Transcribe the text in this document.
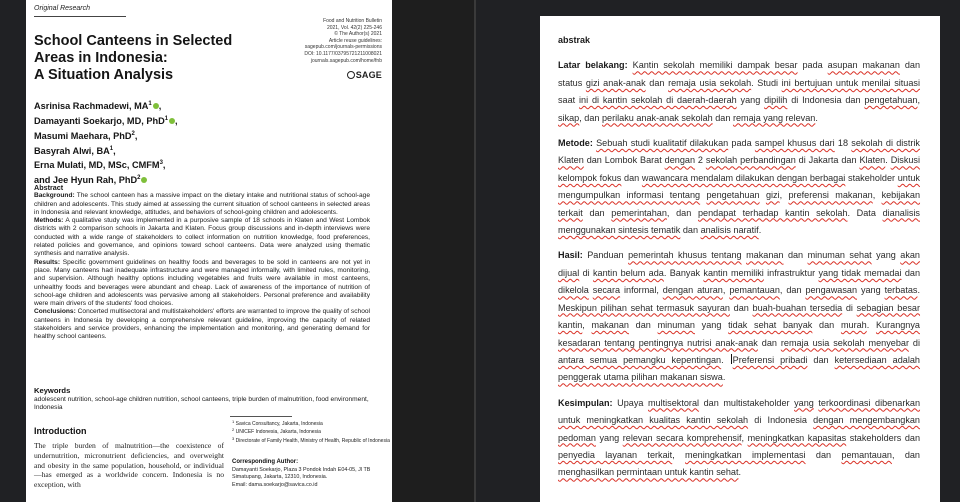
Original Research
Food and Nutrition Bulletin
2021, Vol. 42(2) 225-246
© The Author(s) 2021
Article reuse guidelines:
sagepub.com/journals-permissions
DOI: 10.1177/03795721211008021
journals.sagepub.com/home/fnb
SAGE
School Canteens in Selected
Areas in Indonesia:
A Situation Analysis
Asrinisa Rachmadewi, $MA^1$ ,
Damayanti Soekarjo, MD, PhD$^1$ ,
Masumi Maehara, PhD$^2$,
Basyrah Alwi, $BA^1$,
Erna Mulati, MD, MSc, CMFM$^3$,
and Jee Hyun Rah, PhD$^2$
Abstract

Background: The school canteen has a massive impact on the dietary intake and nutritional status of school-age children and adolescents. This study aimed at assessing the current situation of school canteens in selected areas in Indonesia and relevant knowledge, attitudes, and behaviors of school-going children and adolescents.

Methods: A qualitative study was implemented in a purposive sample of 18 schools in Klaten and West Lombok districts with 2 comparison schools in Jakarta and Klaten. Focus group discussions and in-depth interviews were conducted with a wide range of stakeholders to collect information on nutrition knowledge, food preferences, related policies and governance, and opinions toward school canteens. Data were analyzed using thematic synthesis and narrative analysis.

Results: Specific government guidelines on healthy foods and beverages to be sold in canteens are not yet in place. Many canteens had inadequate infrastructure and were managed informally, with limited rules, monitoring, and supervision. Although healthy options including vegetables and fruits were available in most canteens, unhealthy foods and beverages were abundant and cheap. Lack of awareness of the importance of nutrition of school-age children and adolescents was pervasive among all stakeholders. Personal preference and availability were main drivers of the students' food choices.

Conclusions: Concerted multisectoral and multistakeholders' efforts are warranted to improve the quality of school canteens in Indonesia by developing a comprehensive relevant guideline, improving the capacity of related stakeholders and service providers, enhancing the implementation and monitoring, and generating demand for healthy school canteens.

Keywords
adolescent nutrition, school-age children nutrition, school canteens, triple burden of malnutrition, food environment, Indonesia
Introduction
The triple burden of malnutrition—the coexistence of undernutrition, micronutrient deficiencies, and overweight and obesity in the same population, household, or individual—has emerged as a worldwide concern. Indonesia is no exception, with
$^1$ Savica Consultancy, Jakarta, Indonesia
$^2$ UNICEF Indonesia, Jakarta, Indonesia
$^3$ Directorate of Family Health, Ministry of Health, Republic of Indonesia
Corresponding Author:
Damayanti Soekarjo, Plaza 3 Pondok Indah E04-05, Jl TB Simatupang, Jakarta, 12310, Indonesia.
Email: dama.soekarjo@savica.co.id
abstrak
Latar belakang: Kantin sekolah memiliki dampak besar pada asupan makanan dan status gizi anak-anak dan remaja usia sekolah. Studi ini bertujuan untuk menilai situasi saat ini di kantin sekolah di daerah-daerah yang dipilih di Indonesia dan pengetahuan, sikap, dan perilaku anak-anak sekolah dan remaja yang relevan.
Metode: Sebuah studi kualitatif dilakukan pada sampel khusus dari 18 sekolah di distrik Klaten dan Lombok Barat dengan 2 sekolah perbandingan di Jakarta dan Klaten. Diskusi kelompok fokus dan wawancara mendalam dilakukan dengan berbagai stakeholder untuk mengumpulkan informasi tentang pengetahuan gizi, preferensi makanan, kebijakan terkait dan pemerintahan, dan pendapat terhadap kantin sekolah. Data dianalisis menggunakan sintesis tematik dan analisis naratif.
Hasil: Panduan pemerintah khusus tentang makanan dan minuman sehat yang akan dijual di kantin belum ada. Banyak kantin memiliki infrastruktur yang tidak memadai dan dikelola secara informal, dengan aturan, pemantauan, dan pengawasan yang terbatas. Meskipun pilihan sehat termasuk sayuran dan buah-buahan tersedia di sebagian besar kantin, makanan dan minuman yang tidak sehat banyak dan murah. Kurangnya kesadaran tentang pentingnya nutrisi anak-anak dan remaja usia sekolah menyebar di antara semua pemangku kepentingan. Preferensi pribadi dan ketersediaan adalah penggerak utama pilihan makanan siswa.
Kesimpulan: Upaya multisektoral dan multistakeholder yang terkoordinasi dibenarkan untuk meningkatkan kualitas kantin sekolah di Indonesia dengan mengembangkan pedoman yang relevan secara komprehensif, meningkatkan kapasitas stakeholders dan penyedia layanan terkait, meningkatkan implementasi dan pemantauan, dan menghasilkan permintaan untuk kantin sehat.
